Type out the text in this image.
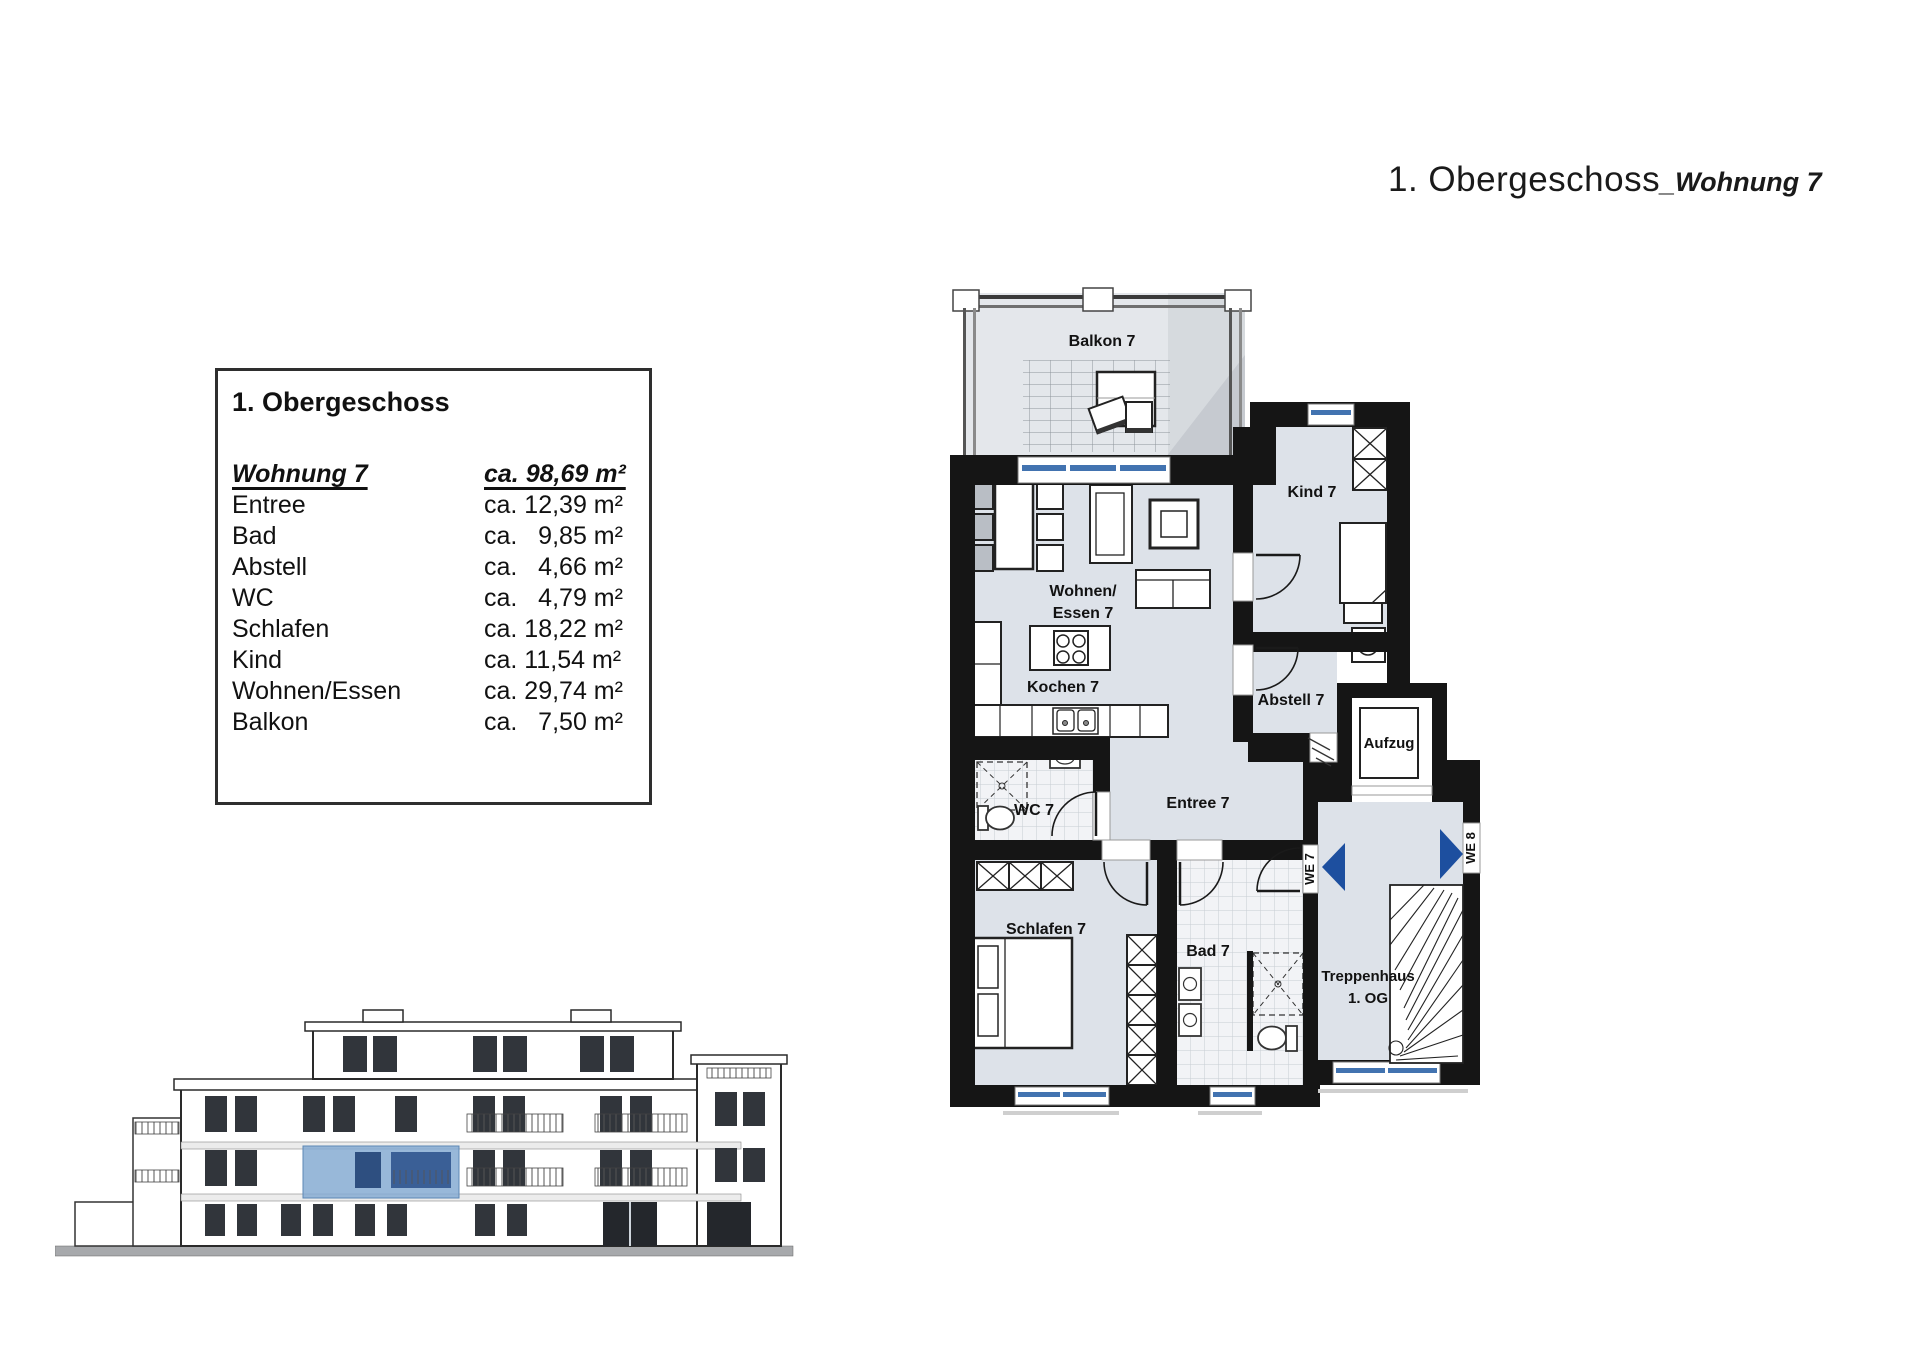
1. Obergeschoss_Wohnung 7
1. Obergeschoss
Wohnung 7	ca. 98,69 m²
Entree	ca. 12,39 m²
Bad	ca.   9,85 m²
Abstell	ca.   4,66 m²
WC	ca.   4,79 m²
Schlafen	ca. 18,22 m²
Kind	ca. 11,54 m²
Wohnen/Essen	ca. 29,74 m²
Balkon	ca.   7,50 m²
Balkon 7
Wohnen/
Essen 7
Kochen 7
Kind 7
Abstell 7
Aufzug
WC 7	Entree 7
Schlafen 7
Bad 7
Treppenhaus
1. OG
WE 7
WE 8
